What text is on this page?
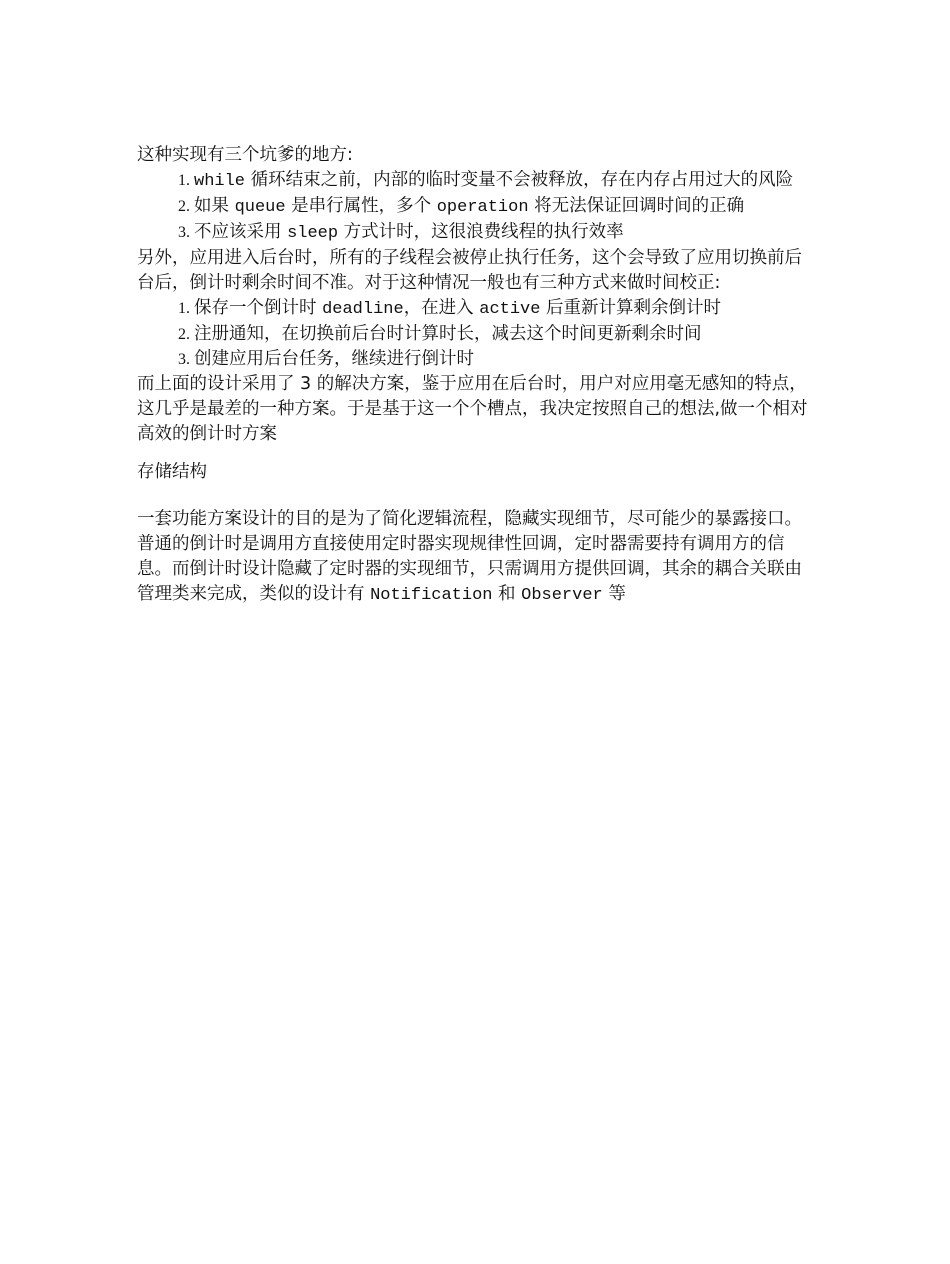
这种实现有三个坑爹的地方:

1. while 循环结束之前，内部的临时变量不会被释放，存在内存占用过大的风险
2. 如果 queue 是串行属性，多个 operation 将无法保证回调时间的正确
3. 不应该采用 sleep 方式计时，这很浪费线程的执行效率

另外，应用进入后台时，所有的子线程会被停止执行任务，这个会导致了应用切换前后台后，倒计时剩余时间不准。对于这种情况一般也有三种方式来做时间校正:

1. 保存一个倒计时 deadline，在进入 active 后重新计算剩余倒计时
2. 注册通知，在切换前后台时计算时长，减去这个时间更新剩余时间
3. 创建应用后台任务，继续进行倒计时

而上面的设计采用了 3 的解决方案，鉴于应用在后台时，用户对应用毫无感知的特点，这几乎是最差的一种方案。于是基于这一个个槽点，我决定按照自己的想法,做一个相对高效的倒计时方案

存储结构

一套功能方案设计的目的是为了简化逻辑流程，隐藏实现细节，尽可能少的暴露接口。普通的倒计时是调用方直接使用定时器实现规律性回调，定时器需要持有调用方的信息。而倒计时设计隐藏了定时器的实现细节，只需调用方提供回调，其余的耦合关联由管理类来完成，类似的设计有 Notification 和 Observer 等
